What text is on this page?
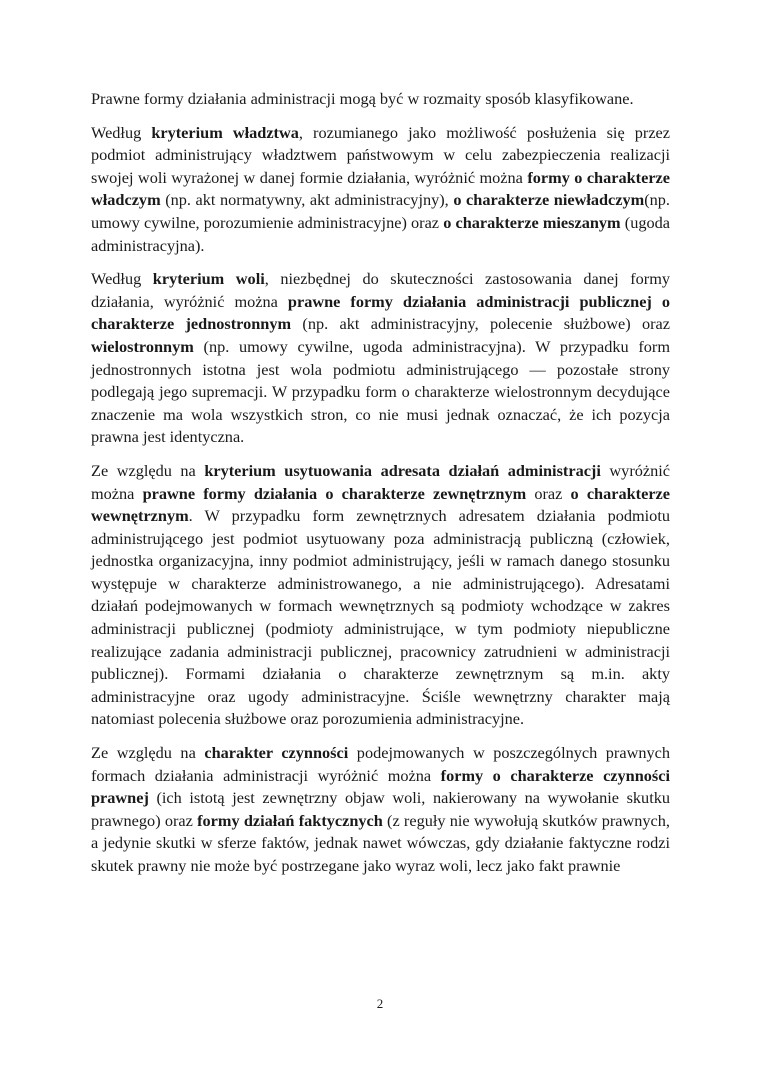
Prawne formy działania administracji mogą być w rozmaity sposób klasyfikowane.

Według kryterium władztwa, rozumianego jako możliwość posłużenia się przez podmiot administrujący władztwem państwowym w celu zabezpieczenia realizacji swojej woli wyrażonej w danej formie działania, wyróżnić można formy o charakterze władczym (np. akt normatywny, akt administracyjny), o charakterze niewładczym(np. umowy cywilne, porozumienie administracyjne) oraz o charakterze mieszanym (ugoda administracyjna).

Według kryterium woli, niezbędnej do skuteczności zastosowania danej formy działania, wyróżnić można prawne formy działania administracji publicznej o charakterze jednostronnym (np. akt administracyjny, polecenie służbowe) oraz wielostronnym (np. umowy cywilne, ugoda administracyjna). W przypadku form jednostronnych istotna jest wola podmiotu administrującego — pozostałe strony podlegają jego supremacji. W przypadku form o charakterze wielostronnym decydujące znaczenie ma wola wszystkich stron, co nie musi jednak oznaczać, że ich pozycja prawna jest identyczna.

Ze względu na kryterium usytuowania adresata działań administracji wyróżnić można prawne formy działania o charakterze zewnętrznym oraz o charakterze wewnętrznym. W przypadku form zewnętrznych adresatem działania podmiotu administrującego jest podmiot usytuowany poza administracją publiczną (człowiek, jednostka organizacyjna, inny podmiot administrujący, jeśli w ramach danego stosunku występuje w charakterze administrowanego, a nie administrującego). Adresatami działań podejmowanych w formach wewnętrznych są podmioty wchodzące w zakres administracji publicznej (podmioty administrujące, w tym podmioty niepubliczne realizujące zadania administracji publicznej, pracownicy zatrudnieni w administracji publicznej). Formami działania o charakterze zewnętrznym są m.in. akty administracyjne oraz ugody administracyjne. Ściśle wewnętrzny charakter mają natomiast polecenia służbowe oraz porozumienia administracyjne.

Ze względu na charakter czynności podejmowanych w poszczególnych prawnych formach działania administracji wyróżnić można formy o charakterze czynności prawnej (ich istotą jest zewnętrzny objaw woli, nakierowany na wywołanie skutku prawnego) oraz formy działań faktycznych (z reguły nie wywołują skutków prawnych, a jedynie skutki w sferze faktów, jednak nawet wówczas, gdy działanie faktyczne rodzi skutek prawny nie może być postrzegane jako wyraz woli, lecz jako fakt prawnie

2
